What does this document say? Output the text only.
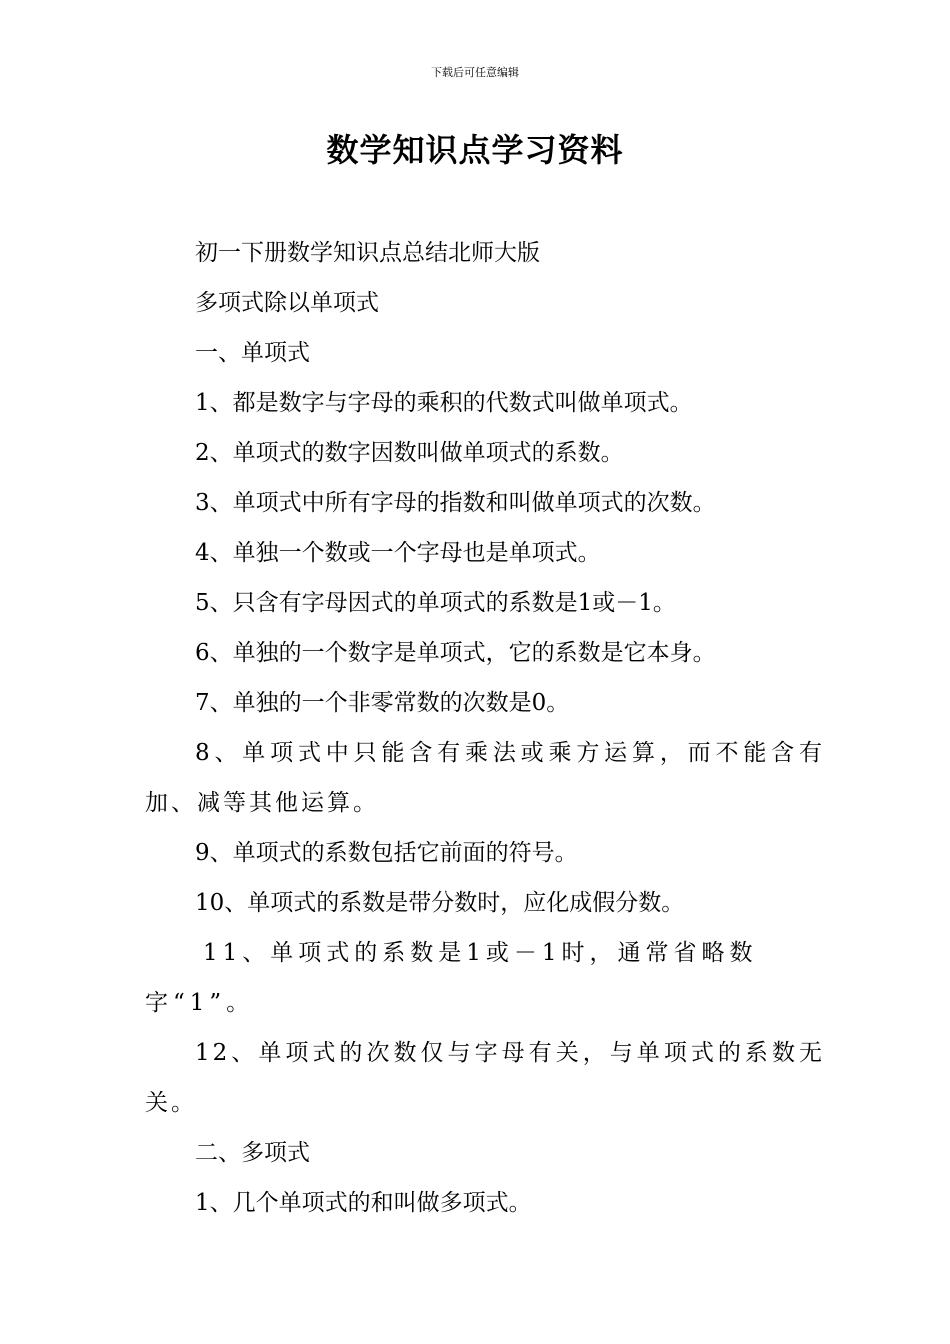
下载后可任意编辑
数学知识点学习资料

初一下册数学知识点总结北师大版

多项式除以单项式

一、单项式

1、都是数字与字母的乘积的代数式叫做单项式。

2、单项式的数字因数叫做单项式的系数。

3、单项式中所有字母的指数和叫做单项式的次数。

4、单独一个数或一个字母也是单项式。

5、只含有字母因式的单项式的系数是1或－1。

6、单独的一个数字是单项式，它的系数是它本身。

7、单独的一个非零常数的次数是0。

8、单项式中只能含有乘法或乘方运算，而不能含有加、减等其他运算。

9、单项式的系数包括它前面的符号。

10、单项式的系数是带分数时，应化成假分数。

11、单项式的系数是1或－1时，通常省略数字“1”。

12、单项式的次数仅与字母有关，与单项式的系数无关。

二、多项式

1、几个单项式的和叫做多项式。
